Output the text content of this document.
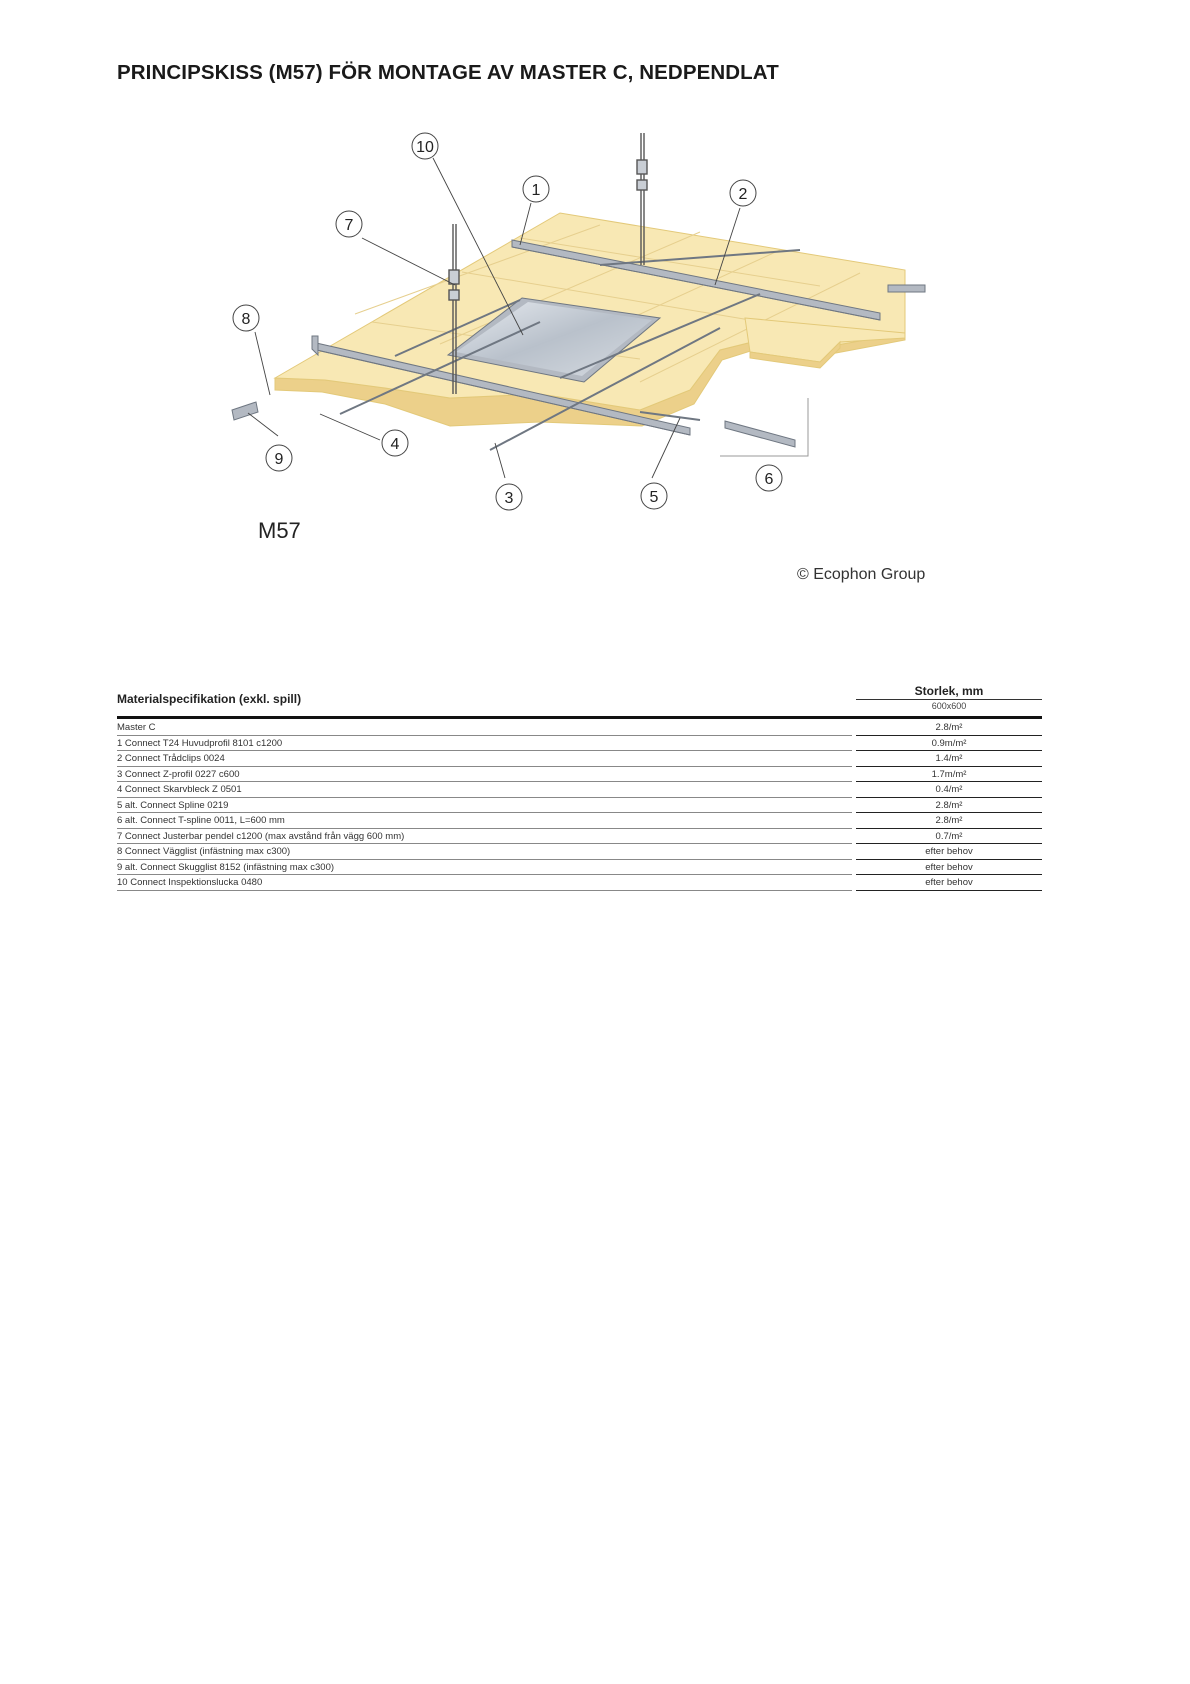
PRINCIPSKISS (M57) FÖR MONTAGE AV MASTER C, NEDPENDLAT
10
1	2
7
8
9
4
3	5
6
M57
© Ecophon Group
Materialspecifikation (exkl. spill)
Storlek, mm
600x600
Master C	2.8/m²
1 Connect T24 Huvudprofil 8101 c1200	0.9m/m²
2 Connect Trådclips 0024	1.4/m²
3 Connect Z-profil 0227 c600	1.7m/m²
4 Connect Skarvbleck Z 0501	0.4/m²
5 alt. Connect Spline 0219	2.8/m²
6 alt. Connect T-spline 0011, L=600 mm	2.8/m²
7 Connect Justerbar pendel c1200 (max avstånd från vägg 600 mm)	0.7/m²
8 Connect Vägglist (infästning max c300)	efter behov
9 alt. Connect Skugglist 8152 (infästning max c300)	efter behov
10 Connect Inspektionslucka 0480	efter behov
